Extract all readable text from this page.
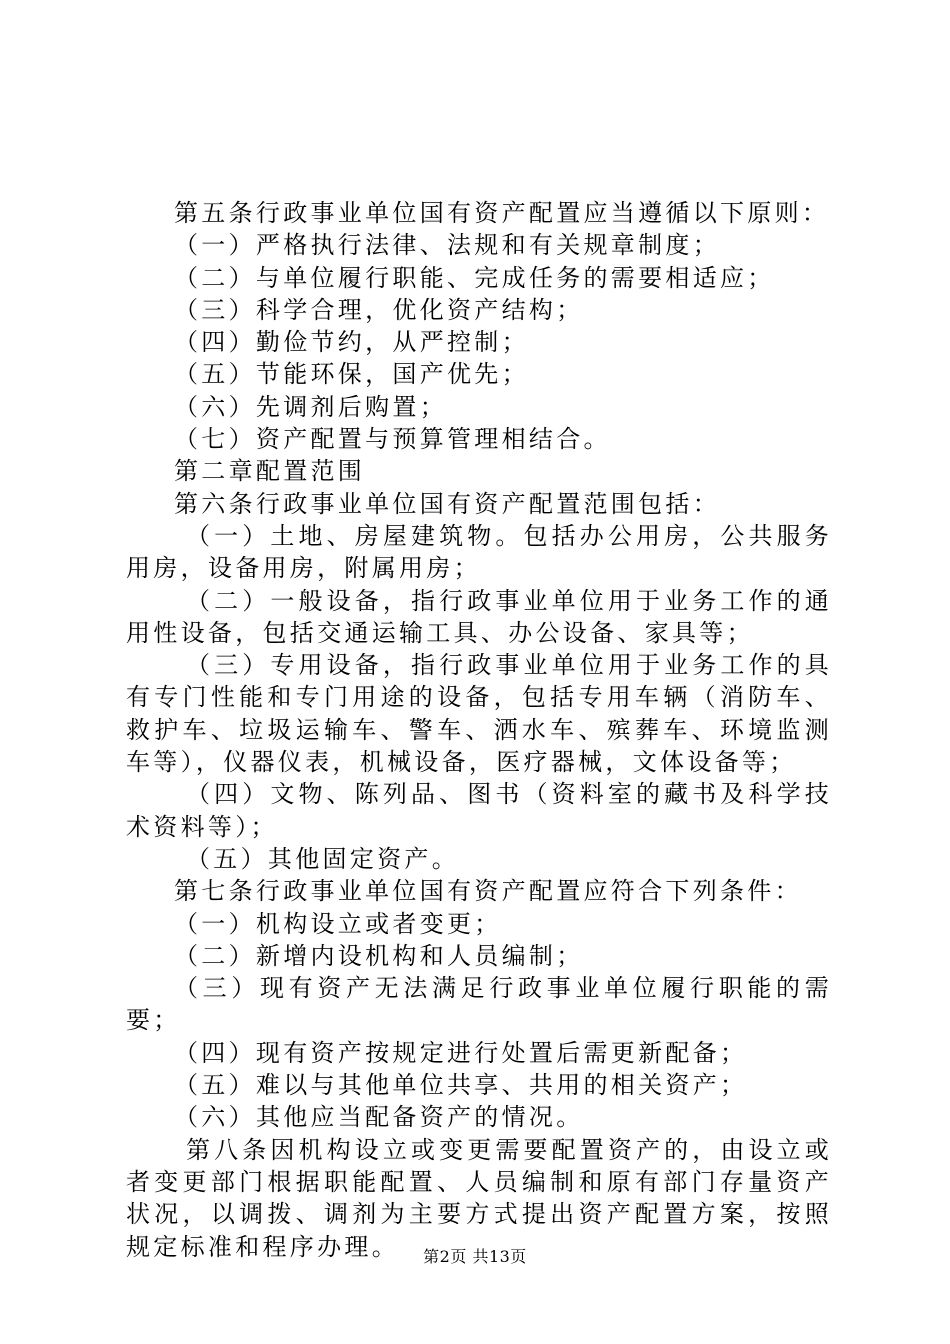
第五条行政事业单位国有资产配置应当遵循以下原则：

（一）严格执行法律、法规和有关规章制度；

（二）与单位履行职能、完成任务的需要相适应；

（三）科学合理，优化资产结构；

（四）勤俭节约，从严控制；

（五）节能环保，国产优先；

（六）先调剂后购置；

（七）资产配置与预算管理相结合。

第二章配置范围

第六条行政事业单位国有资产配置范围包括：

（一）土地、房屋建筑物。包括办公用房，公共服务用房，设备用房，附属用房；

（二）一般设备，指行政事业单位用于业务工作的通用性设备，包括交通运输工具、办公设备、家具等；

（三）专用设备，指行政事业单位用于业务工作的具有专门性能和专门用途的设备，包括专用车辆（消防车、救护车、垃圾运输车、警车、洒水车、殡葬车、环境监测车等），仪器仪表，机械设备，医疗器械，文体设备等；

（四）文物、陈列品、图书（资料室的藏书及科学技术资料等）；

（五）其他固定资产。

第七条行政事业单位国有资产配置应符合下列条件：

（一）机构设立或者变更；

（二）新增内设机构和人员编制；

（三）现有资产无法满足行政事业单位履行职能的需要；

（四）现有资产按规定进行处置后需更新配备；

（五）难以与其他单位共享、共用的相关资产；

（六）其他应当配备资产的情况。

第八条因机构设立或变更需要配置资产的，由设立或者变更部门根据职能配置、人员编制和原有部门存量资产状况，以调拨、调剂为主要方式提出资产配置方案，按照规定标准和程序办理。	第2页 共13页
